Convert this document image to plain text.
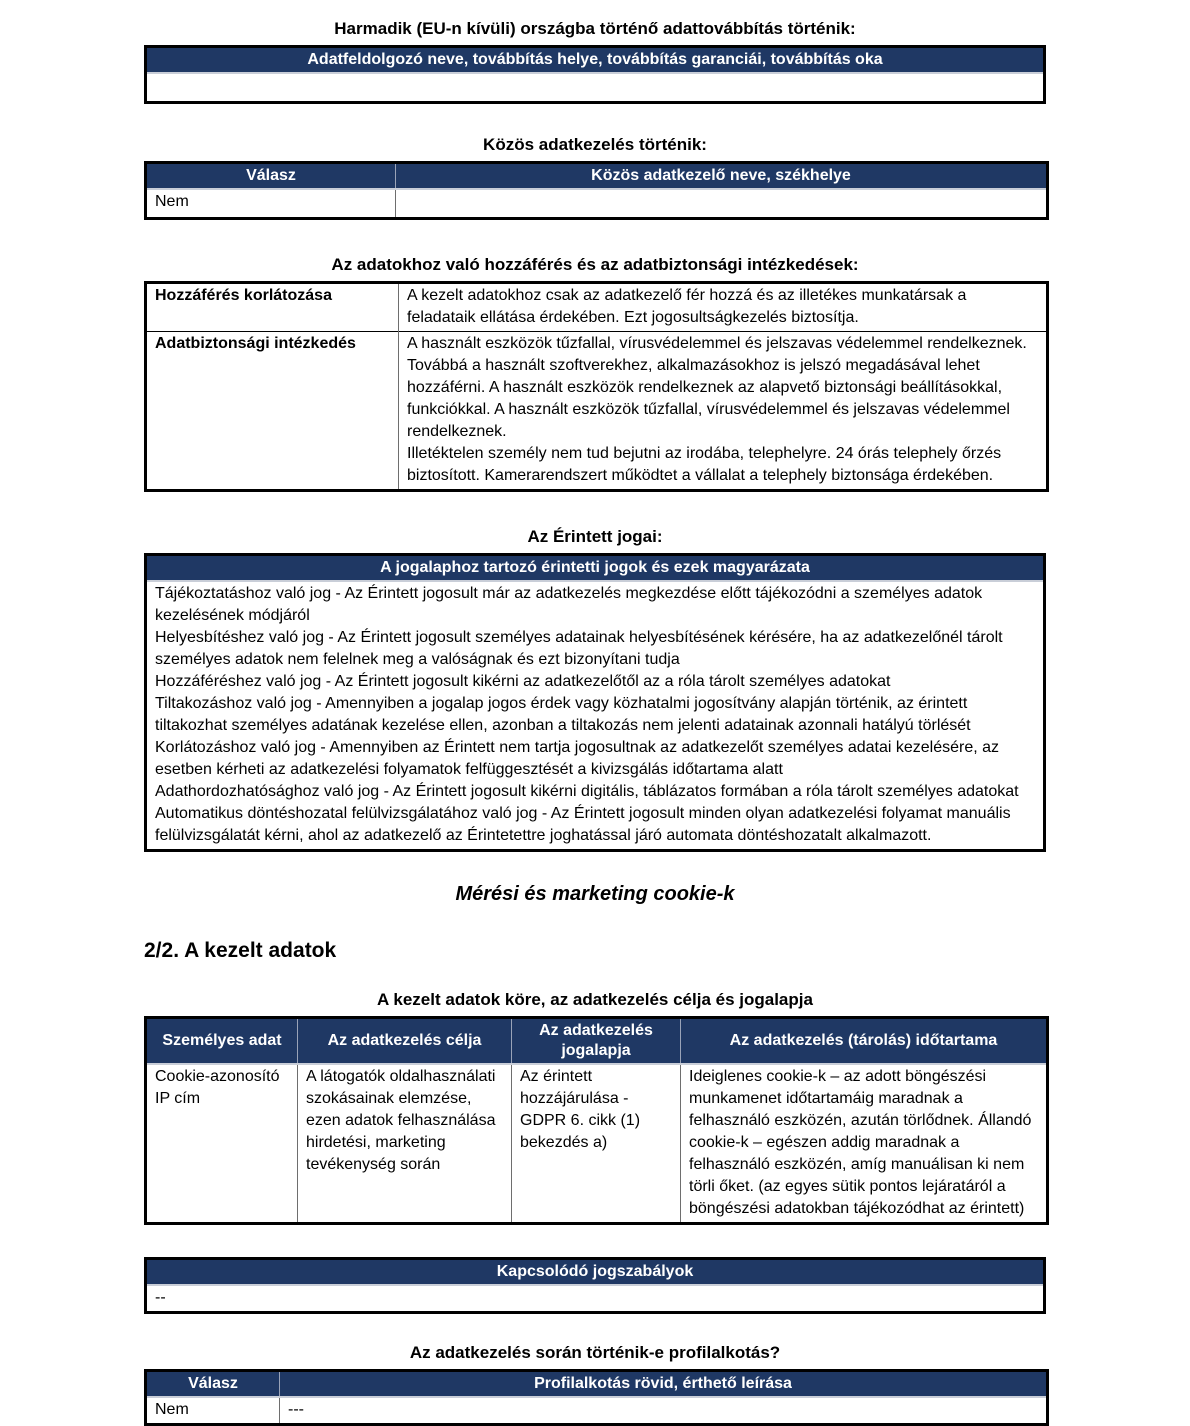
Harmadik (EU-n kívüli) országba történő adattovábbítás történik:
Adatfeldolgozó neve, továbbítás helye, továbbítás garanciái, továbbítás oka

Közös adatkezelés történik:
Válasz	Közös adatkezelő neve, székhelye
Nem	
Az adatokhoz való hozzáférés és az adatbiztonsági intézkedések:
Hozzáférés korlátozása	A kezelt adatokhoz csak az adatkezelő fér hozzá és az illetékes munkatársak a feladataik ellátása érdekében. Ezt jogosultságkezelés biztosítja.

Adatbiztonsági intézkedés	A használt eszközök tűzfallal, vírusvédelemmel és jelszavas védelemmel rendelkeznek. Továbbá a használt szoftverekhez, alkalmazásokhoz is jelszó megadásával lehet hozzáférni. A használt eszközök rendelkeznek az alapvető biztonsági beállításokkal, funkciókkal. A használt eszközök tűzfallal, vírusvédelemmel és jelszavas védelemmel rendelkeznek.
Illetéktelen személy nem tud bejutni az irodába, telephelyre. 24 órás telephely őrzés biztosított. Kamerarendszert működtet a vállalat a telephely biztonsága érdekében.
Az Érintett jogai:
A jogalaphoz tartozó érintetti jogok és ezek magyarázata

Tájékoztatáshoz való jog - Az Érintett jogosult már az adatkezelés megkezdése előtt tájékozódni a személyes adatok kezelésének módjáról
Helyesbítéshez való jog - Az Érintett jogosult személyes adatainak helyesbítésének kérésére, ha az adatkezelőnél tárolt személyes adatok nem felelnek meg a valóságnak és ezt bizonyítani tudja
Hozzáféréshez való jog - Az Érintett jogosult kikérni az adatkezelőtől az a róla tárolt személyes adatokat
Tiltakozáshoz való jog - Amennyiben a jogalap jogos érdek vagy közhatalmi jogosítvány alapján történik, az érintett tiltakozhat személyes adatának kezelése ellen, azonban a tiltakozás nem jelenti adatainak azonnali hatályú törlését
Korlátozáshoz való jog - Amennyiben az Érintett nem tartja jogosultnak az adatkezelőt személyes adatai kezelésére, az esetben kérheti az adatkezelési folyamatok felfüggesztését a kivizsgálás időtartama alatt
Adathordozhatósághoz való jog - Az Érintett jogosult kikérni digitális, táblázatos formában a róla tárolt személyes adatokat
Automatikus döntéshozatal felülvizsgálatához való jog - Az Érintett jogosult minden olyan adatkezelési folyamat manuális felülvizsgálatát kérni, ahol az adatkezelő az Érintetettre joghatással járó automata döntéshozatalt alkalmazott.
Mérési és marketing cookie-k
2/2. A kezelt adatok
A kezelt adatok köre, az adatkezelés célja és jogalapja
Személyes adat	Az adatkezelés célja	Az adatkezelés jogalapja	Az adatkezelés (tárolás) időtartama

Cookie-azonosító
IP cím	A látogatók oldalhasználati szokásainak elemzése, ezen adatok felhasználása hirdetési, marketing tevékenység során	Az érintett hozzájárulása - GDPR 6. cikk (1) bekezdés a)	Ideiglenes cookie-k – az adott böngészési munkamenet időtartamáig maradnak a felhasználó eszközén, azután törlődnek. Állandó cookie-k – egészen addig maradnak a felhasználó eszközén, amíg manuálisan ki nem törli őket. (az egyes sütik pontos lejáratáról a böngészési adatokban tájékozódhat az érintett)
Kapcsolódó jogszabályok
--
Az adatkezelés során történik-e profilalkotás?
Válasz	Profilalkotás rövid, érthető leírása
Nem	---
